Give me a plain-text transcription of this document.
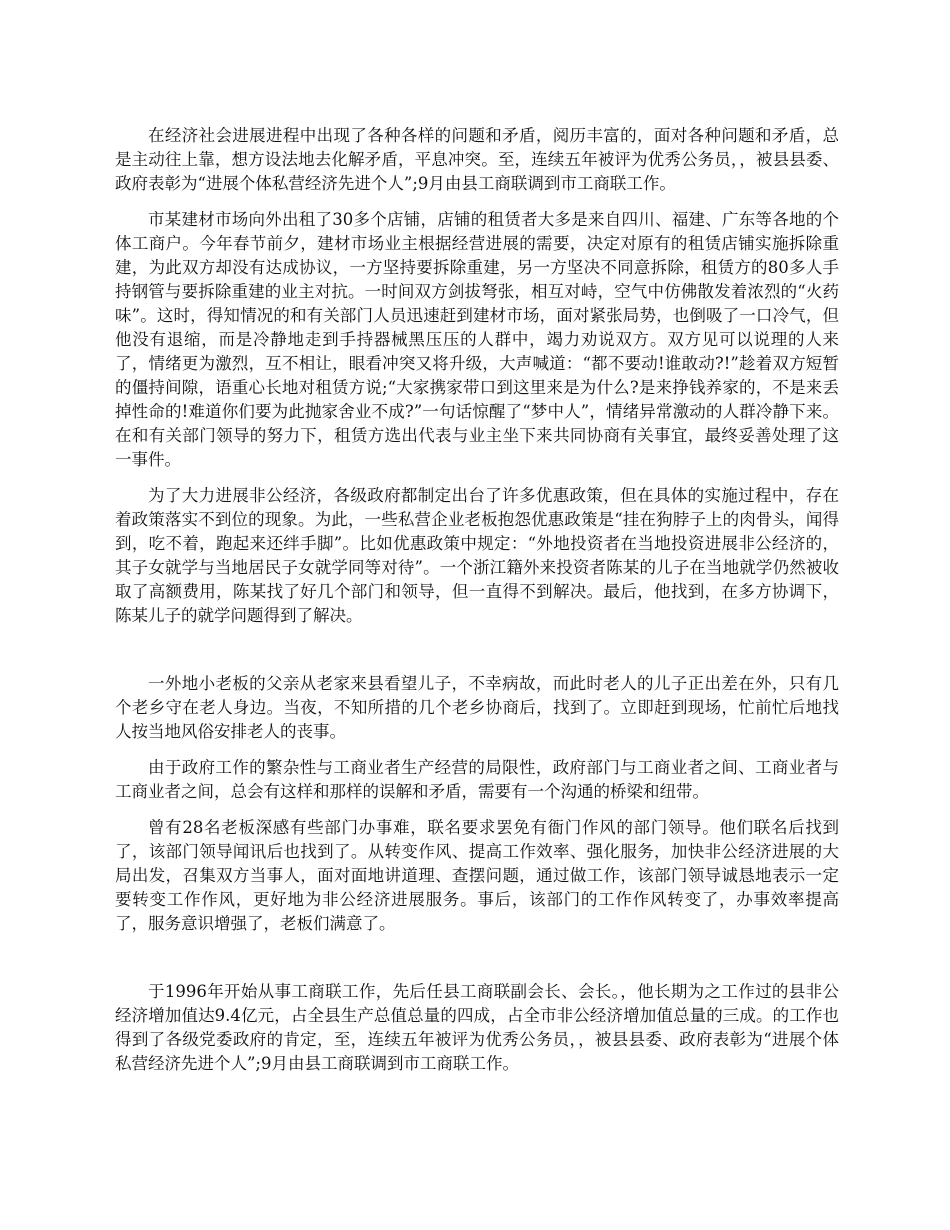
在经济社会进展进程中出现了各种各样的问题和矛盾，阅历丰富的，面对各种问题和矛盾，总是主动往上靠，想方设法地去化解矛盾，平息冲突。至，连续五年被评为优秀公务员，，被县县委、政府表彰为“进展个体私营经济先进个人”;9月由县工商联调到市工商联工作。

市某建材市场向外出租了30多个店铺，店铺的租赁者大多是来自四川、福建、广东等各地的个体工商户。今年春节前夕，建材市场业主根据经营进展的需要，决定对原有的租赁店铺实施拆除重建，为此双方却没有达成协议，一方坚持要拆除重建，另一方坚决不同意拆除，租赁方的80多人手持钢管与要拆除重建的业主对抗。一时间双方剑拔弩张，相互对峙，空气中仿佛散发着浓烈的“火药味”。这时，得知情况的和有关部门人员迅速赶到建材市场，面对紧张局势，也倒吸了一口冷气，但他没有退缩，而是冷静地走到手持器械黑压压的人群中，竭力劝说双方。双方见可以说理的人来了，情绪更为激烈，互不相让，眼看冲突又将升级，大声喊道：“都不要动!谁敢动?!”趁着双方短暂的僵持间隙，语重心长地对租赁方说;“大家携家带口到这里来是为什么?是来挣钱养家的，不是来丢掉性命的!难道你们要为此抛家舍业不成?”一句话惊醒了“梦中人”，情绪异常激动的人群冷静下来。在和有关部门领导的努力下，租赁方选出代表与业主坐下来共同协商有关事宜，最终妥善处理了这一事件。

为了大力进展非公经济，各级政府都制定出台了许多优惠政策，但在具体的实施过程中，存在着政策落实不到位的现象。为此，一些私营企业老板抱怨优惠政策是“挂在狗脖子上的肉骨头，闻得到，吃不着，跑起来还绊手脚”。比如优惠政策中规定：“外地投资者在当地投资进展非公经济的，其子女就学与当地居民子女就学同等对待”。一个浙江籍外来投资者陈某的儿子在当地就学仍然被收取了高额费用，陈某找了好几个部门和领导，但一直得不到解决。最后，他找到，在多方协调下，陈某儿子的就学问题得到了解决。

一外地小老板的父亲从老家来县看望儿子，不幸病故，而此时老人的儿子正出差在外，只有几个老乡守在老人身边。当夜，不知所措的几个老乡协商后，找到了。立即赶到现场，忙前忙后地找人按当地风俗安排老人的丧事。

由于政府工作的繁杂性与工商业者生产经营的局限性，政府部门与工商业者之间、工商业者与工商业者之间，总会有这样和那样的误解和矛盾，需要有一个沟通的桥梁和纽带。

曾有28名老板深感有些部门办事难，联名要求罢免有衙门作风的部门领导。他们联名后找到了，该部门领导闻讯后也找到了。从转变作风、提高工作效率、强化服务，加快非公经济进展的大局出发，召集双方当事人，面对面地讲道理、查摆问题，通过做工作，该部门领导诚恳地表示一定要转变工作作风，更好地为非公经济进展服务。事后，该部门的工作作风转变了，办事效率提高了，服务意识增强了，老板们满意了。

于1996年开始从事工商联工作，先后任县工商联副会长、会长。，他长期为之工作过的县非公经济增加值达9.4亿元，占全县生产总值总量的四成，占全市非公经济增加值总量的三成。的工作也得到了各级党委政府的肯定，至，连续五年被评为优秀公务员，，被县县委、政府表彰为“进展个体私营经济先进个人”;9月由县工商联调到市工商联工作。
